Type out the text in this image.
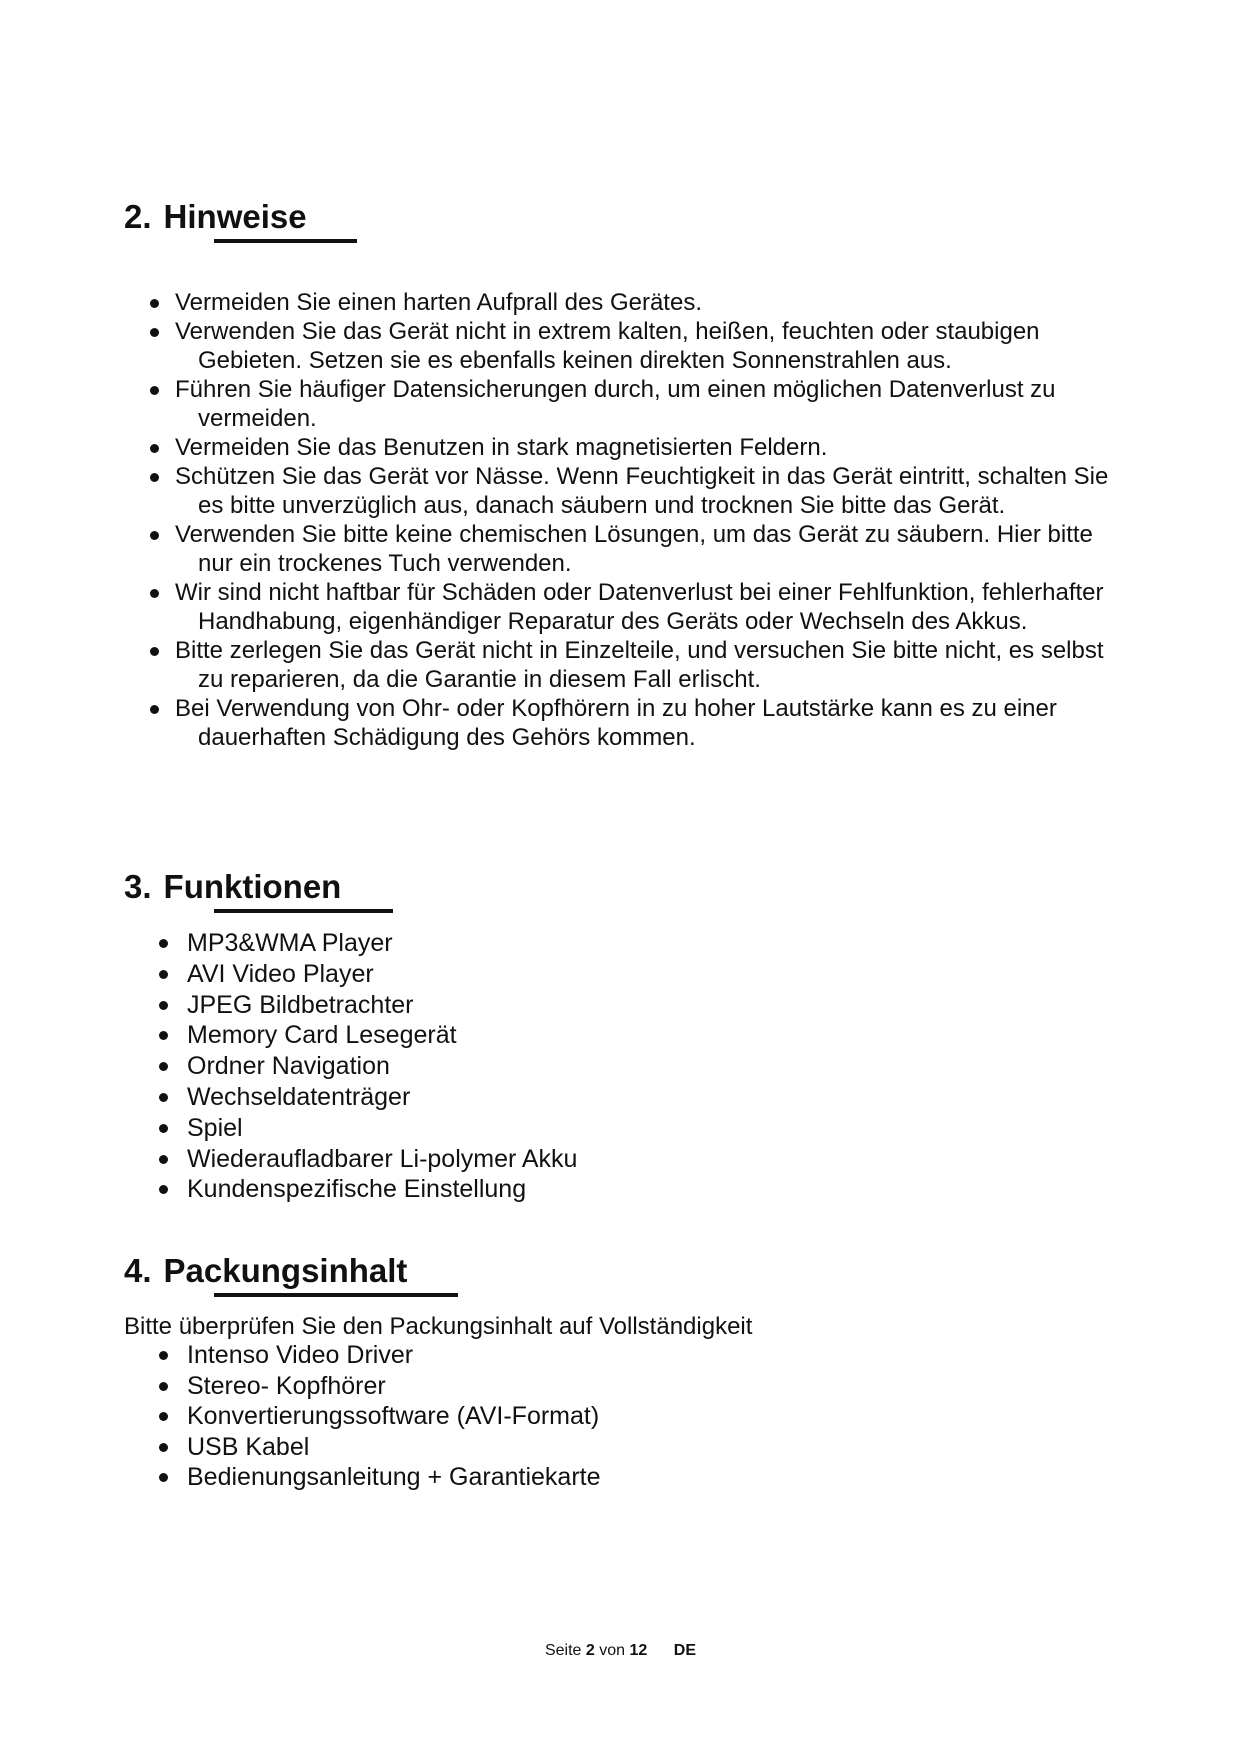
2. Hinweise
Vermeiden Sie einen harten Aufprall des Gerätes.
Verwenden Sie das Gerät nicht in extrem kalten, heißen, feuchten oder staubigen Gebieten. Setzen sie es ebenfalls keinen direkten Sonnenstrahlen aus.
Führen Sie häufiger Datensicherungen durch, um einen möglichen Datenverlust zu vermeiden.
Vermeiden Sie das Benutzen in stark magnetisierten Feldern.
Schützen Sie das Gerät vor Nässe. Wenn Feuchtigkeit in das Gerät eintritt, schalten Sie es bitte unverzüglich aus, danach säubern und trocknen Sie bitte das Gerät.
Verwenden Sie bitte keine chemischen Lösungen, um das Gerät zu säubern. Hier bitte nur ein trockenes Tuch verwenden.
Wir sind nicht haftbar für Schäden oder Datenverlust bei einer Fehlfunktion, fehlerhafter Handhabung, eigenhändiger Reparatur des Geräts oder Wechseln des Akkus.
Bitte zerlegen Sie das Gerät nicht in Einzelteile, und versuchen Sie bitte nicht, es selbst zu reparieren, da die Garantie in diesem Fall erlischt.
Bei Verwendung von Ohr- oder Kopfhörern in zu hoher Lautstärke kann es zu einer dauerhaften Schädigung des Gehörs kommen.
3. Funktionen
MP3&WMA Player
AVI Video Player
JPEG Bildbetrachter
Memory Card Lesegerät
Ordner Navigation
Wechseldatenträger
Spiel
Wiederaufladbarer Li-polymer Akku
Kundenspezifische Einstellung
4. Packungsinhalt

Bitte überprüfen Sie den Packungsinhalt auf Vollständigkeit

Intenso Video Driver
Stereo- Kopfhörer
Konvertierungssoftware (AVI-Format)
USB Kabel
Bedienungsanleitung + Garantiekarte
Seite 2 von 12 DE
